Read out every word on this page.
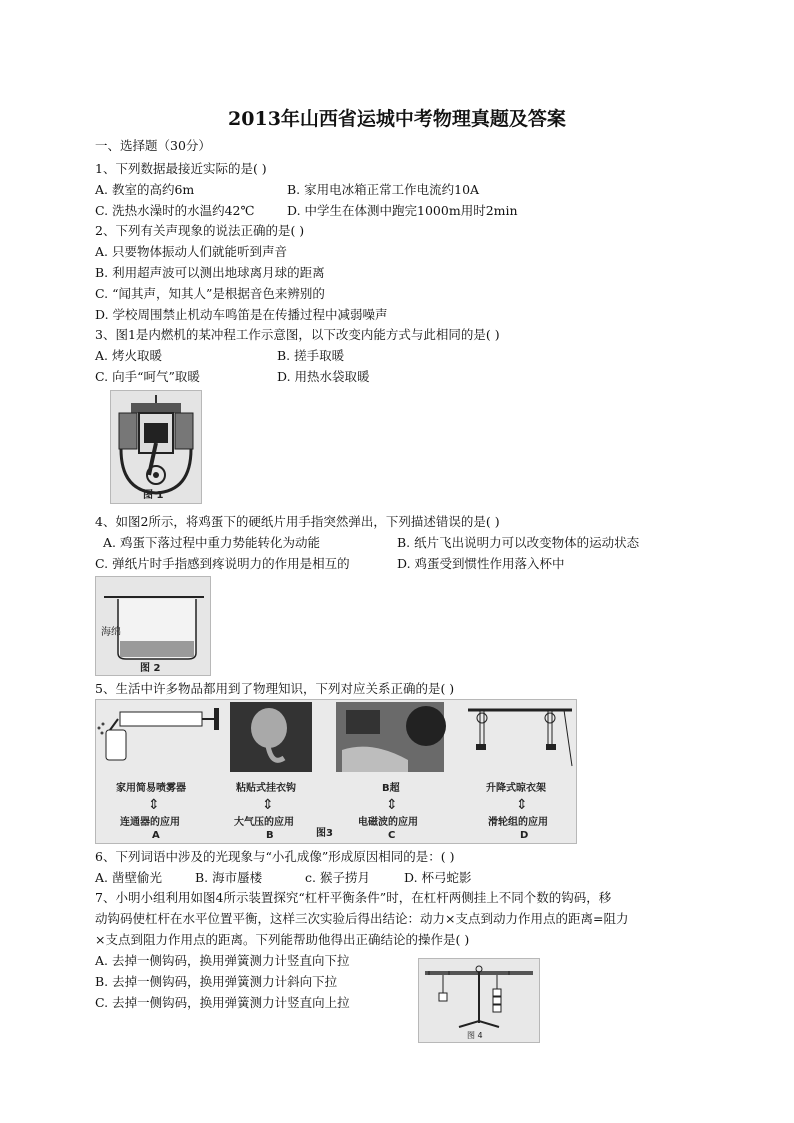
2013年山西省运城中考物理真题及答案
一、选择题（30分）
1、下列数据最接近实际的是( )
A. 教室的高约6m	B. 家用电冰箱正常工作电流约10A
C. 洗热水澡时的水温约42℃	D. 中学生在体测中跑完1000m用时2min
2、下列有关声现象的说法正确的是( )
A. 只要物体振动人们就能听到声音
B. 利用超声波可以测出地球离月球的距离
C. “闻其声，知其人”是根据音色来辨别的
D. 学校周围禁止机动车鸣笛是在传播过程中减弱噪声
3、图1是内燃机的某冲程工作示意图，以下改变内能方式与此相同的是( )
A. 烤火取暖	B. 搓手取暖
C. 向手“呵气”取暖	D. 用热水袋取暖
图 1
4、如图2所示，将鸡蛋下的硬纸片用手指突然弹出，下列描述错误的是( )
A. 鸡蛋下落过程中重力势能转化为动能	B. 纸片飞出说明力可以改变物体的运动状态
C. 弹纸片时手指感到疼说明力的作用是相互的	D. 鸡蛋受到惯性作用落入杯中
海绵
图 2
5、生活中许多物品都用到了物理知识，下列对应关系正确的是( )
家用简易喷雾器
⇕
连通器的应用
A
粘贴式挂衣钩
⇕
大气压的应用
B
B超
⇕
电磁波的应用
C
图3
升降式晾衣架
⇕
滑轮组的应用
D
6、下列词语中涉及的光现象与“小孔成像”形成原因相同的是：( )
A. 凿壁偷光	B. 海市蜃楼	c. 猴子捞月	D. 杯弓蛇影
7、小明小组利用如图4所示装置探究“杠杆平衡条件”时，在杠杆两侧挂上不同个数的钩码，移
动钩码使杠杆在水平位置平衡，这样三次实验后得出结论：动力×支点到动力作用点的距离=阻力
×支点到阻力作用点的距离。下列能帮助他得出正确结论的操作是( )
A. 去掉一侧钩码，换用弹簧测力计竖直向下拉
B. 去掉一侧钩码，换用弹簧测力计斜向下拉
C. 去掉一侧钩码，换用弹簧测力计竖直向上拉
图 4
